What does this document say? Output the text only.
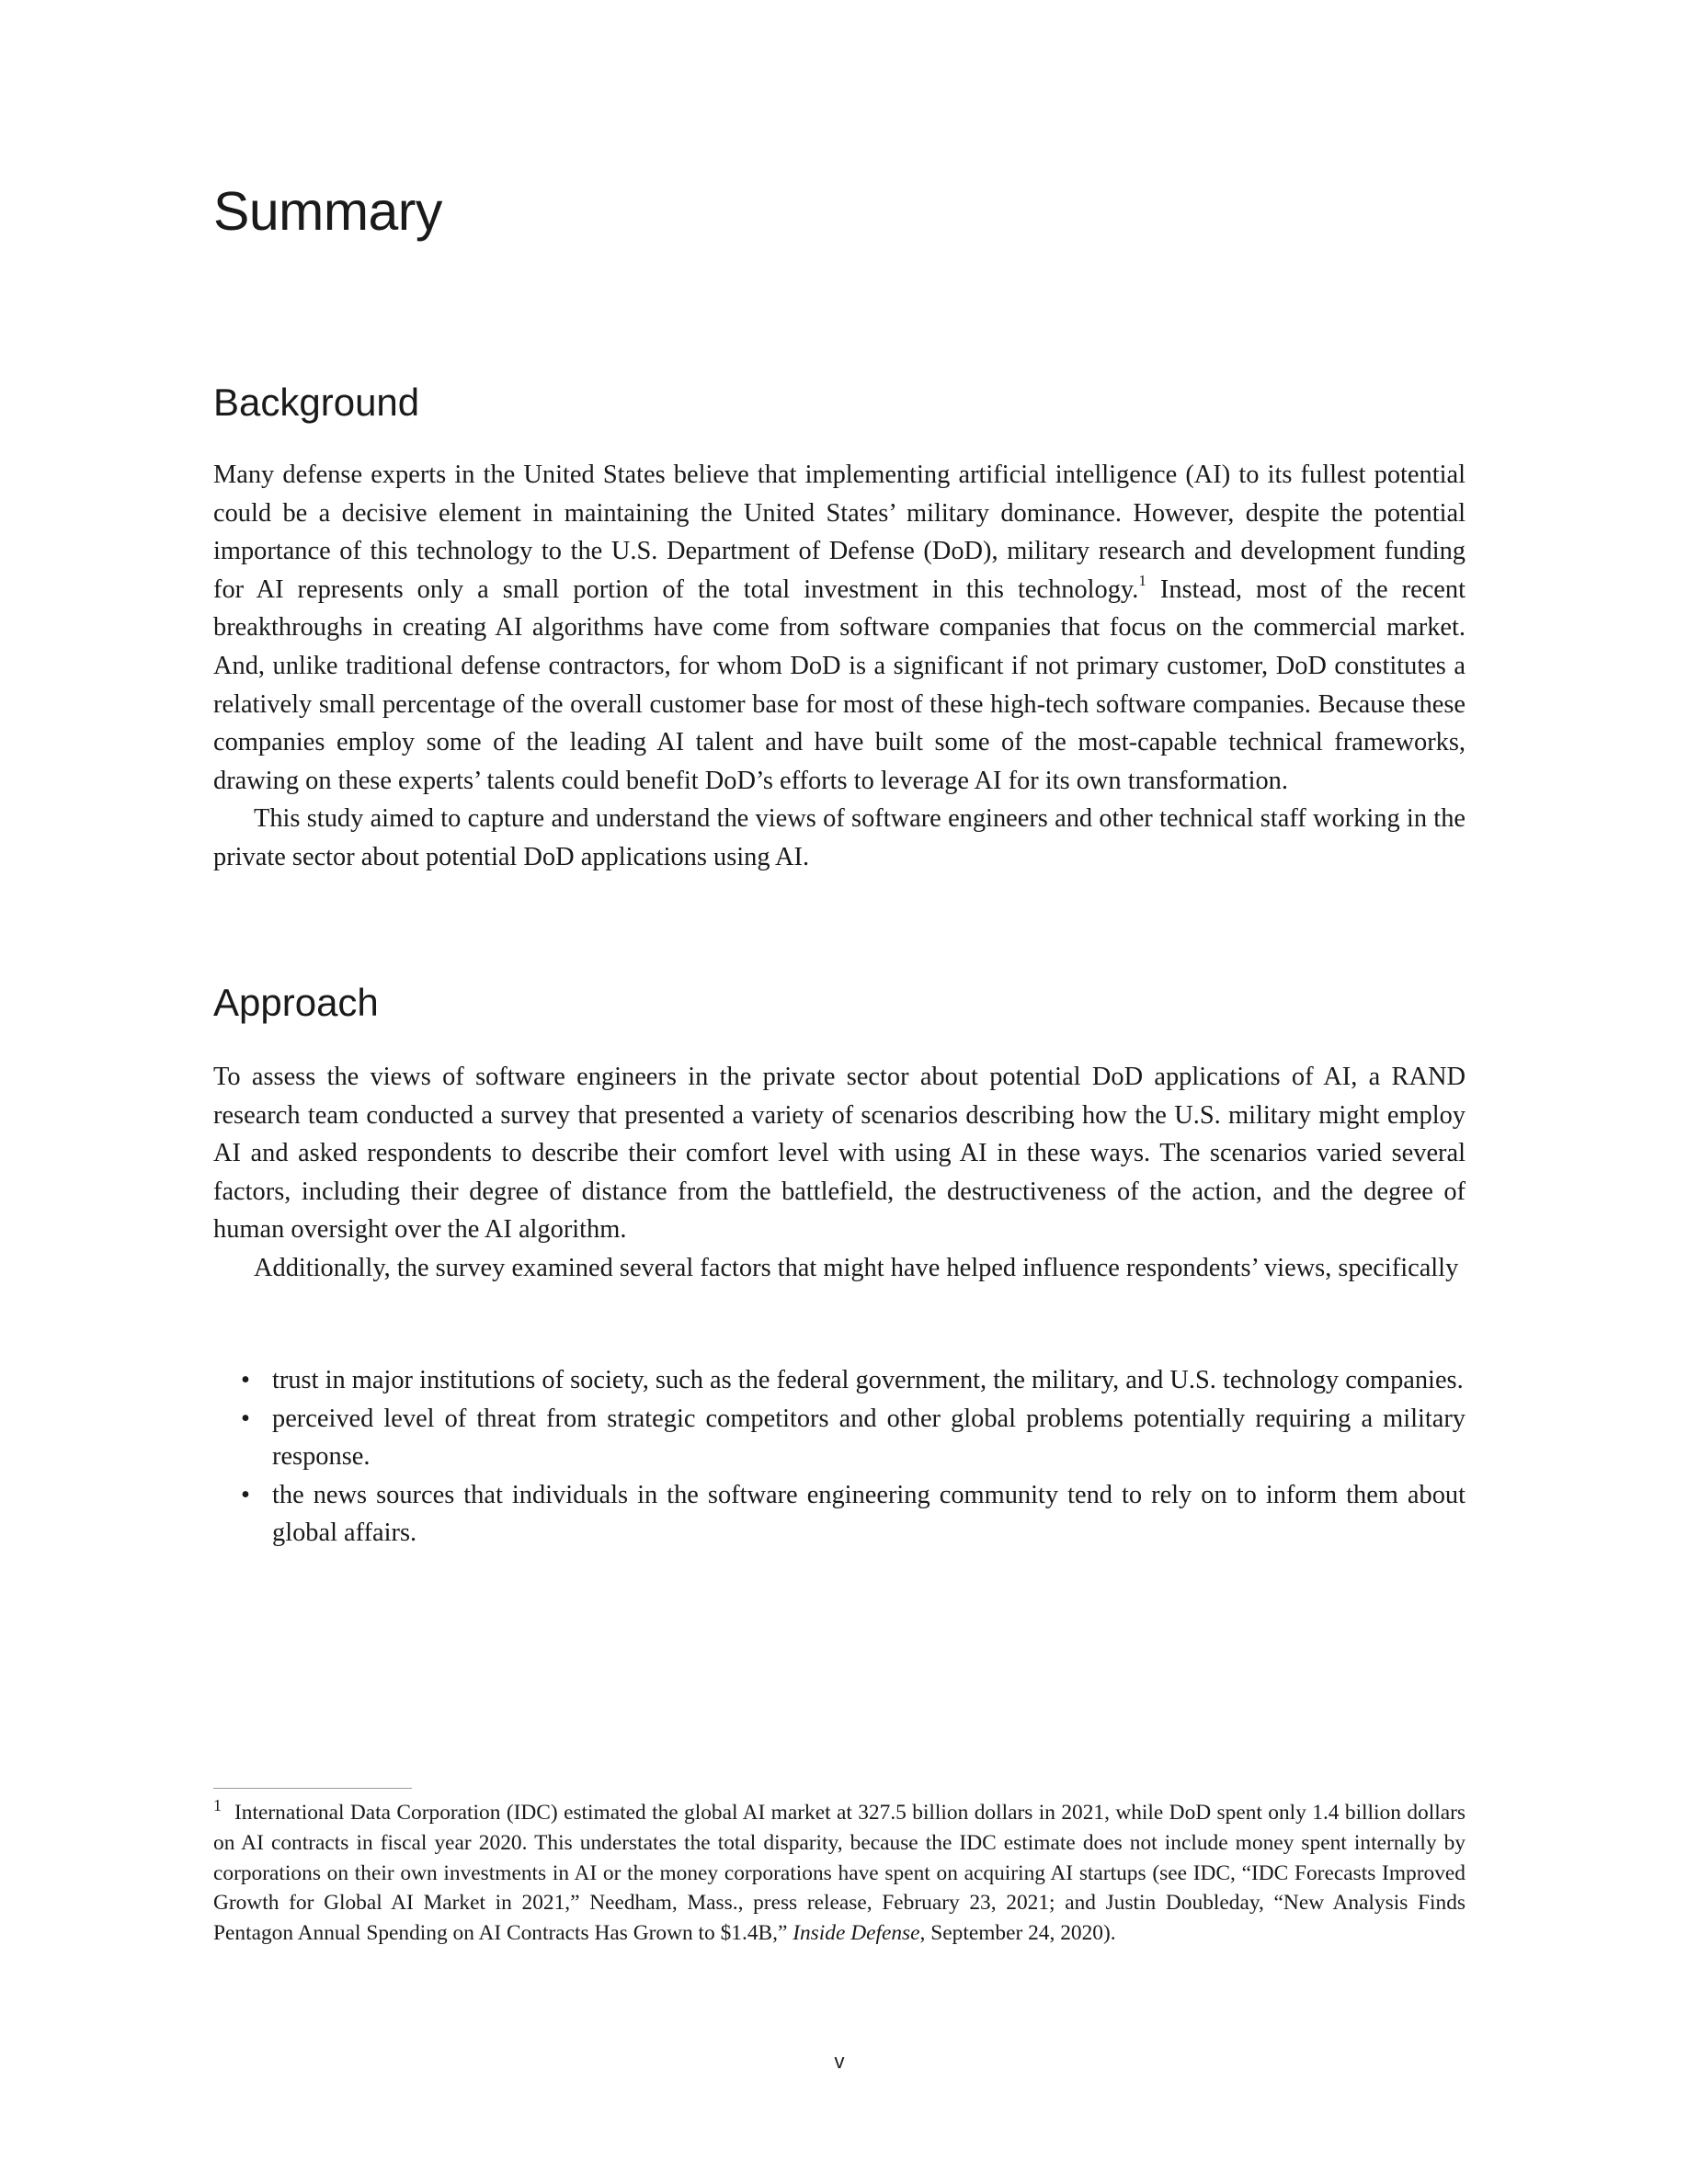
Summary
Background

Many defense experts in the United States believe that implementing artificial intelligence (AI) to its fullest potential could be a decisive element in maintaining the United States’ military dominance. However, despite the potential importance of this technology to the U.S. Department of Defense (DoD), military research and development funding for AI represents only a small portion of the total investment in this technology.$^1$ Instead, most of the recent breakthroughs in creating AI algorithms have come from software companies that focus on the commercial market. And, unlike traditional defense contractors, for whom DoD is a significant if not primary customer, DoD constitutes a relatively small percentage of the overall customer base for most of these high-tech software companies. Because these companies employ some of the leading AI talent and have built some of the most-capable technical frameworks, drawing on these experts’ talents could benefit DoD’s efforts to leverage AI for its own transformation.

This study aimed to capture and understand the views of software engineers and other technical staff working in the private sector about potential DoD applications using AI.

Approach

To assess the views of software engineers in the private sector about potential DoD applications of AI, a RAND research team conducted a survey that presented a variety of scenarios describing how the U.S. military might employ AI and asked respondents to describe their comfort level with using AI in these ways. The scenarios varied several factors, including their degree of distance from the battlefield, the destructiveness of the action, and the degree of human oversight over the AI algorithm.

Additionally, the survey examined several factors that might have helped influence respondents’ views, specifically

• trust in major institutions of society, such as the federal government, the military, and U.S. technology companies.
• perceived level of threat from strategic competitors and other global problems potentially requiring a military response.
• the news sources that individuals in the software engineering community tend to rely on to inform them about global affairs.

$^1$ International Data Corporation (IDC) estimated the global AI market at 327.5 billion dollars in 2021, while DoD spent only 1.4 billion dollars on AI contracts in fiscal year 2020. This understates the total disparity, because the IDC estimate does not include money spent internally by corporations on their own investments in AI or the money corporations have spent on acquiring AI startups (see IDC, “IDC Forecasts Improved Growth for Global AI Market in 2021,” Needham, Mass., press release, February 23, 2021; and Justin Doubleday, “New Analysis Finds Pentagon Annual Spending on AI Contracts Has Grown to $1.4B,” Inside Defense, September 24, 2020).

v
